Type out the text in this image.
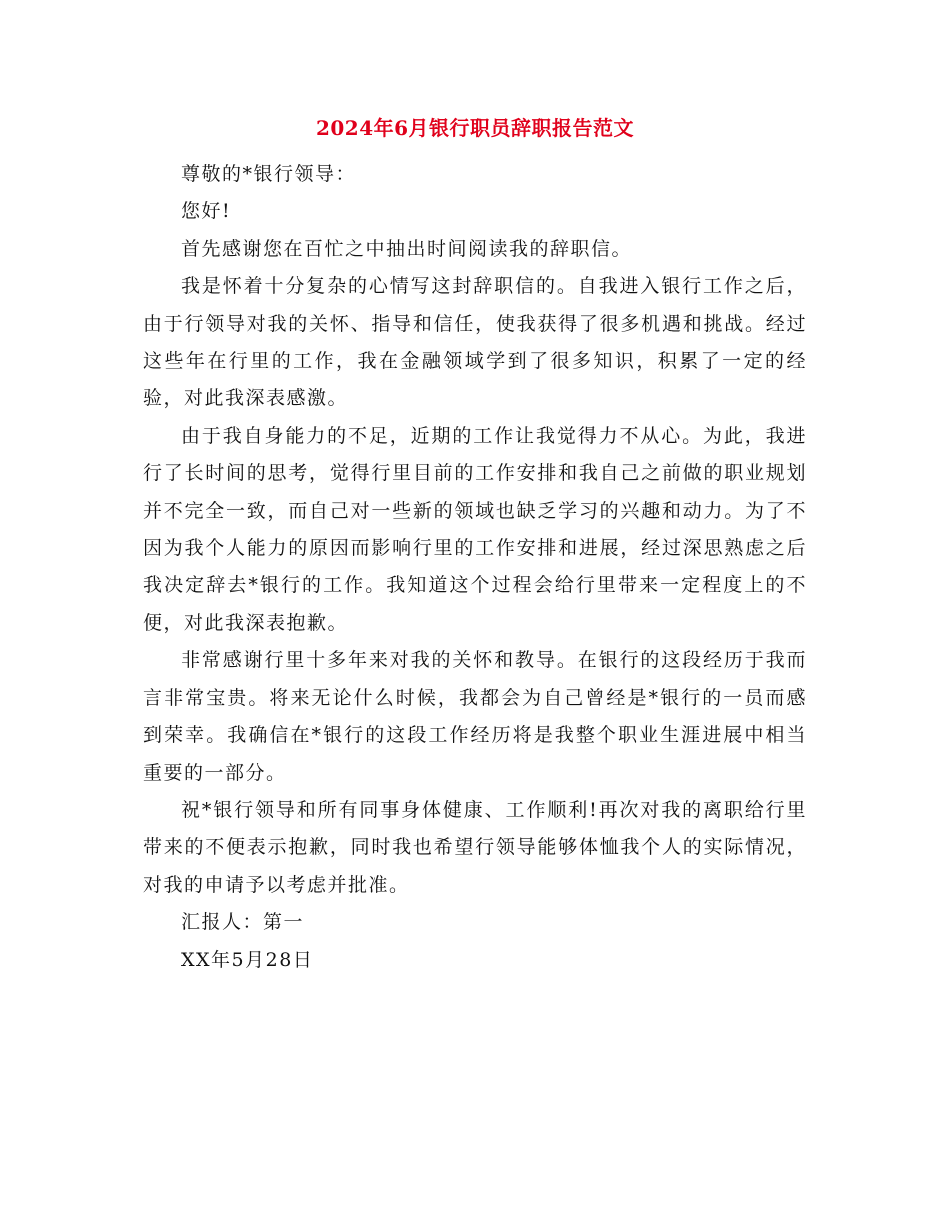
2024年6月银行职员辞职报告范文

尊敬的*银行领导：

您好!

首先感谢您在百忙之中抽出时间阅读我的辞职信。

我是怀着十分复杂的心情写这封辞职信的。自我进入银行工作之后，由于行领导对我的关怀、指导和信任，使我获得了很多机遇和挑战。经过这些年在行里的工作，我在金融领域学到了很多知识，积累了一定的经验，对此我深表感激。

由于我自身能力的不足，近期的工作让我觉得力不从心。为此，我进行了长时间的思考，觉得行里目前的工作安排和我自己之前做的职业规划 并不完全一致，而自己对一些新的领域也缺乏学习的兴趣和动力。为了不因为我个人能力的原因而影响行里的工作安排和进展，经过深思熟虑之后我决定辞去*银行的工作。我知道这个过程会给行里带来一定程度上的不便，对此我深表抱歉。

非常感谢行里十多年来对我的关怀和教导。在银行的这段经历于我而言非常宝贵。将来无论什么时候，我都会为自己曾经是*银行的一员而感到荣幸。我确信在*银行的这段工作经历将是我整个职业生涯进展中相当重要的一部分。

祝*银行领导和所有同事身体健康、工作顺利!再次对我的离职给行里带来的不便表示抱歉，同时我也希望行领导能够体恤我个人的实际情况，对我的申请予以考虑并批准。

汇报人：第一

XX年5月28日
